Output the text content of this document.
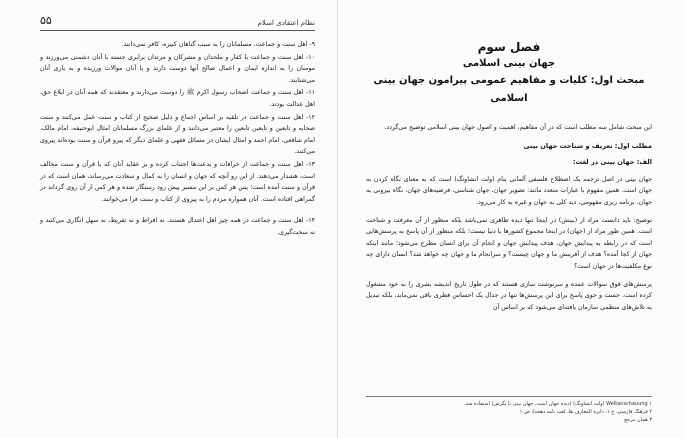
نظام اعتقادی اسلام
۵۵

۹- اهل سنت و جماعت، مسلمانان را به سبب گناهان کبیره، کافر نمی‌دانند.

۱۰- اهل سنت و جماعت با کفار و ملحدان و مشرکان و مرتدان برابری جسته با آنان دشمنی می‌ورزند و مومنان را به اندازه ایمان و اعمال صالح آنها دوست دارند و با آنان موالات ورزیده و به یاری آنان می‌شتابند.

۱۱- اهل سنت و جماعت اصحاب رسول اکرم ﷺ را دوست می‌دارند و معتقدند که همه آنان در ابلاغ حق، اهل عدالت بودند.

۱۲- اهل سنت و جماعت در تلقیه بر اساس اجماع و دلیل صحیح از کتاب و سنت عمل می‌کنند و سنت صحابه و تابعین و تابعین تابعین را معتبر می‌دانند و از علمای بزرگ مسلمانان امثال ابوحنیفه، امام مالک، امام شافعی، امام احمد و امثال ایشان در مسائل فقهی و علمای دیگر که پیرو قرآن و سنت بوده‌اند پیروی می‌کنند.

۱۳- اهل سنت و جماعت از خرافات و بدعت‌ها اجتناب کرده و بر عقاید آنان که با قرآن و سنت مخالف است، هشدار می‌دهند. از این رو آنچه که جهان و انسان را به کمال و سعادت می‌رساند، همان است که در قرآن و سنت آمده است؛ پس هر کس بر این مسیر پیش رود رستگار شده و هر کس از آن روی گرداند در گمراهی افتاده است. آنان همواره مردم را به پیروی از کتاب و سنت فرا می‌خوانند.

۱۴- اهل سنت و جماعت در همه چیز اهل اعتدال هستند، نه افراط و نه تفریط، نه سهل انگاری می‌کنند و نه سخت‌گیری.

فصل سوم
جهان بینی اسلامی
مبحث اول: کلیات و مفاهیم عمومی پیرامون جهان بینی اسلامی

این مبحث شامل سه مطلب است که در آن مفاهیم، اهمیت و اصول جهان بینی اسلامی توضیح می‌گردد.

مطلب اول: تعریف و شناخت جهان بینی
الف: جهان بینی در لغت:

جهان بینی در اصل ترجمه یک اصطلاح فلسفی آلمانی بنام (ولت انشاونگ) است که به معنای نگاه کردن به جهان است. همین مفهوم با عبارات متعدد مانند: تصویر جهان، جهان شناسی، فرضیه‌های جهان، نگاه بیرونی به جهان، برنامه ریزی مفهومی، دید کلی به جهان و غیره به کار می‌رود.

توضیح: باید دانست مراد از (بینش) در اینجا تنها دیده ظاهری نمی‌باشد بلکه منظور از آن معرفت و شناخت است. همین طور مراد از (جهان) در اینجا مجموع کشورها یا دنیا نیست؛ بلکه منظور از آن پاسخ به پرسش‌هایی است که در رابطه به پیدایش جهان، هدف پیدایش جهان و انجام آن برای انسان مطرح می‌شود؛ مانند اینکه جهان از کجا آمده؟ هدف از آفرینش ما و جهان چیست؟ و سرانجام ما و جهان چه خواهد شد؟ انسان دارای چه نوع مکلفیت‌ها در جهان است؟

پرسش‌های فوق سوالات عمده و سرنوشت سازی هستند که در طول تاریخ اندیشه بشری را به خود مشغول کرده است. جست و جوی پاسخ برای این پرسش‌ها تنها در جدال یک احساس فطری باقی نمی‌ماند، بلکه تبدیل به تلاش‌های منظمی سازمان یافته‌ای می‌شود که بر اساس آن

۱ Weltanschauung (ولت انشاونگ) (دیده جهان است، جهان بینی یا نگرش) استفاده شد.
۲ فرهنگ فارسی، ج ۱، دایره المعارف ها، لغت نامه دهخدا، ص ۱
۳ همان مرجع
